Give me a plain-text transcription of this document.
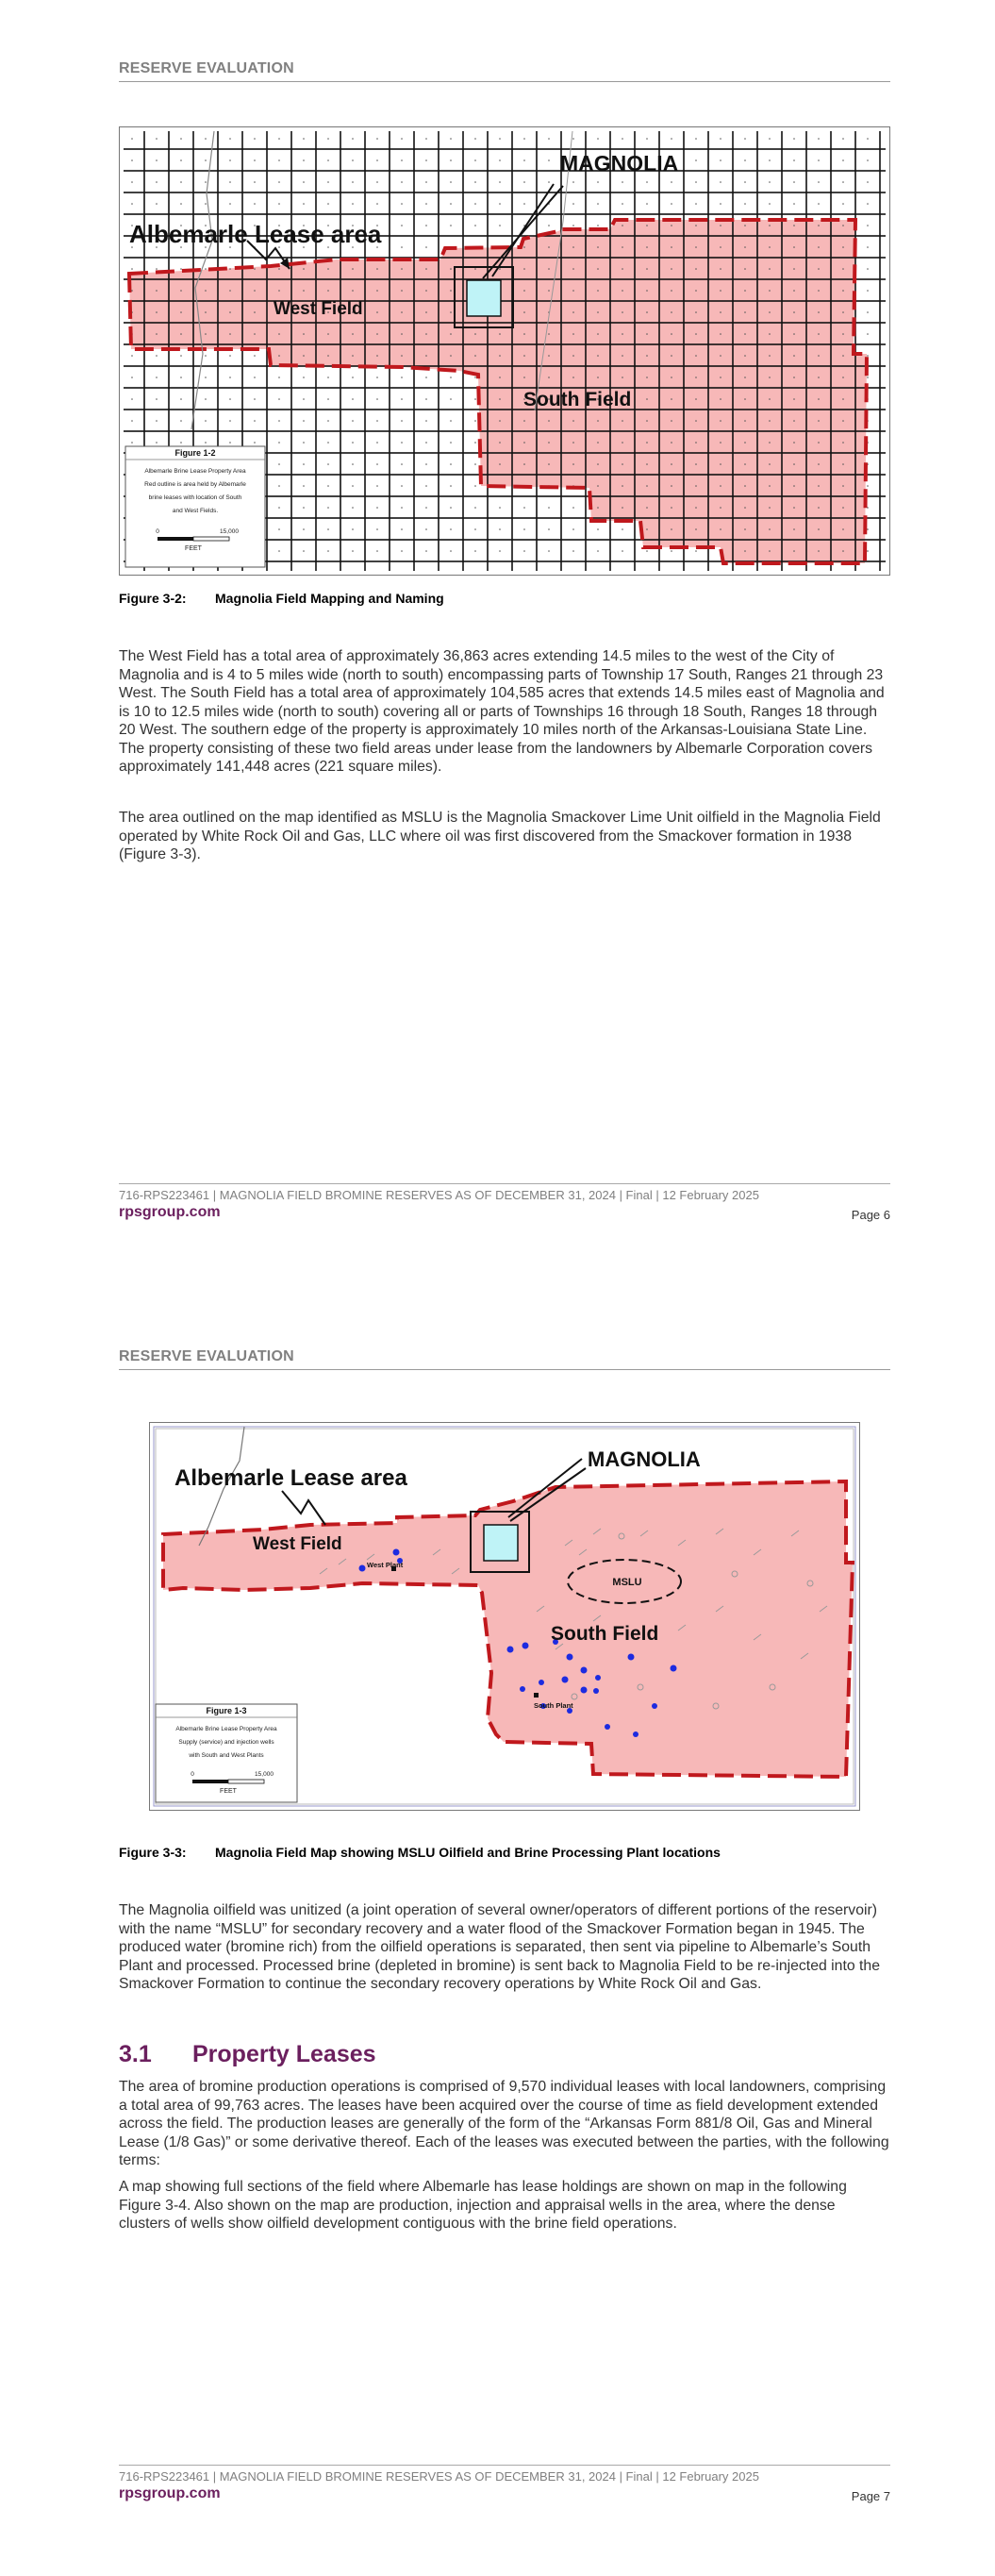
RESERVE EVALUATION
MAGNOLIA
Albemarle Lease area
West Field
South Field
Figure 1-2
Albemarle Brine Lease Property Area
Red outline is area held by Albemarle
brine leases with location of South
and West Fields.
0	15,000
FEET
Figure 3-2: Magnolia Field Mapping and Naming
The West Field has a total area of approximately 36,863 acres extending 14.5 miles to the west of the City of Magnolia and is 4 to 5 miles wide (north to south) encompassing parts of Township 17 South, Ranges 21 through 23 West. The South Field has a total area of approximately 104,585 acres that extends 14.5 miles east of Magnolia and is 10 to 12.5 miles wide (north to south) covering all or parts of Townships 16 through 18 South, Ranges 18 through 20 West. The southern edge of the property is approximately 10 miles north of the Arkansas-Louisiana State Line. The property consisting of these two field areas under lease from the landowners by Albemarle Corporation covers approximately 141,448 acres (221 square miles).
The area outlined on the map identified as MSLU is the Magnolia Smackover Lime Unit oilfield in the Magnolia Field operated by White Rock Oil and Gas, LLC where oil was first discovered from the Smackover formation in 1938 (Figure 3-3).
716-RPS223461 | MAGNOLIA FIELD BROMINE RESERVES AS OF DECEMBER 31, 2024 | Final | 12 February 2025
rpsgroup.com	Page 6
RESERVE EVALUATION
MAGNOLIA
Albemarle Lease area
West Field
South Field
MSLU
West Plant
South Plant
Figure 1-3
Albemarle Brine Lease Property Area
Supply (service) and injection wells
with South and West Plants
0	15,000
FEET
Figure 3-3: Magnolia Field Map showing MSLU Oilfield and Brine Processing Plant locations
The Magnolia oilfield was unitized (a joint operation of several owner/operators of different portions of the reservoir) with the name “MSLU” for secondary recovery and a water flood of the Smackover Formation began in 1945. The produced water (bromine rich) from the oilfield operations is separated, then sent via pipeline to Albemarle’s South Plant and processed. Processed brine (depleted in bromine) is sent back to Magnolia Field to be re-injected into the Smackover Formation to continue the secondary recovery operations by White Rock Oil and Gas.
3.1 Property Leases
The area of bromine production operations is comprised of 9,570 individual leases with local landowners, comprising a total area of 99,763 acres. The leases have been acquired over the course of time as field development extended across the field. The production leases are generally of the form of the “Arkansas Form 881/8 Oil, Gas and Mineral Lease (1/8 Gas)” or some derivative thereof. Each of the leases was executed between the parties, with the following terms:
A map showing full sections of the field where Albemarle has lease holdings are shown on map in the following Figure 3-4. Also shown on the map are production, injection and appraisal wells in the area, where the dense clusters of wells show oilfield development contiguous with the brine field operations.
716-RPS223461 | MAGNOLIA FIELD BROMINE RESERVES AS OF DECEMBER 31, 2024 | Final | 12 February 2025
rpsgroup.com	Page 7
